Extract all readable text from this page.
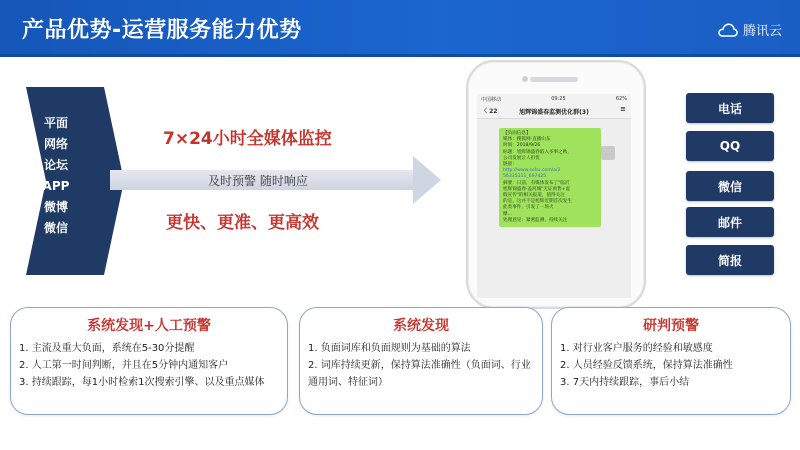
产品优势-运营服务能力优势	腾讯云
平面
网络
论坛
APP
微博
微信
7×24小时全媒体监控
及时预警 随时响应
更快、更准、更高效
中国移动	09:25	62%
〈 22	旭辉锦盛春监测优化群(3)	≡

【负面信息】

媒体：搜狐网-直播山东

时间：2018/9/26

标题：旭辉锦盛春陷入多事之秋，

公司发展让人担忧

链接：

http://www.sohu.com/a/2

56335111_697425

摘要：日前，有媒体发布了"临沂

旭辉锦盛春·盖河城"无证预售+虚

假宣传"的相关报道，值得关注

的是，这并不是旭辉近期首次发生

此类事件，引发了一场火

爆…

处理意见：紧密监测，持续关注

电话
QQ
微信
邮件
简报
系统发现+人工预警

1. 主流及重大负面，系统在5-30分提醒

2. 人工第一时间判断，并且在5分钟内通知客户

3. 持续跟踪，每1小时检索1次搜索引擎、以及重点媒体

系统发现

1. 负面词库和负面规则为基础的算法

2. 词库持续更新，保持算法准确性（负面词、行业通用词、特征词）

研判预警

1. 对行业客户服务的经验和敏感度

2. 人员经验反馈系统，保持算法准确性

3. 7天内持续跟踪，事后小结
